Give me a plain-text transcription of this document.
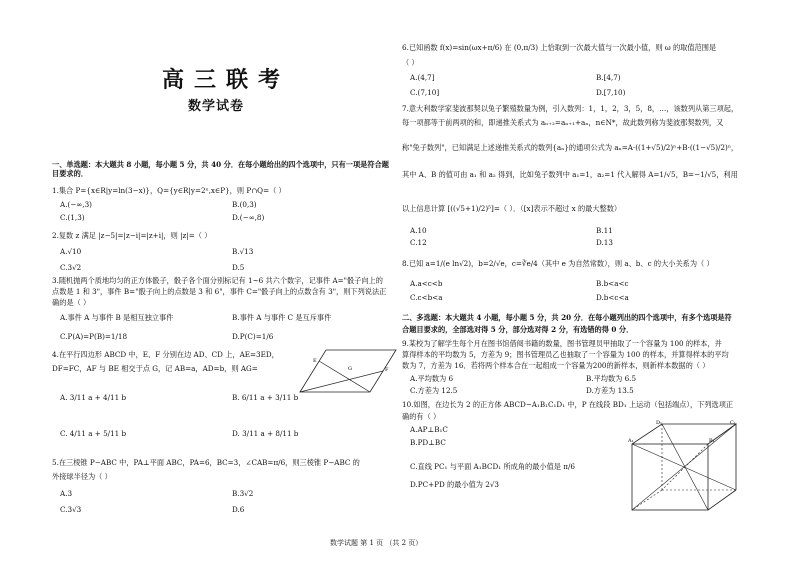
高三联考
数学试卷
一、单选题：本大题共 8 小题，每小题 5 分，共 40 分．在每小题给出的四个选项中，只有一项是符合题目要求的．
1.集合 P={x∈R|y=ln(3−x)}，Q={y∈R|y=2ˣ,x∈P}，则 P∩Q=（ ）
A.(−∞,3)	B.(0,3)
C.(1,3)	D.(−∞,8)
2.复数 z 满足 |z−5|=|z−i|=|z+i|，则 |z|=（ ）
A.√10	B.√13
C.3√2	D.5
3.随机抛两个质地均匀的正方体骰子，骰子各个面分别标记有 1~6 共六个数字，记事件 A="骰子向上的
点数是 1 和 3"，事件 B="骰子向上的点数是 3 和 6"，事件 C="骰子向上的点数含有 3"，则下列说法正
确的是（ ）
A.事件 A 与事件 B 是相互独立事件	B.事件 A 与事件 C 是互斥事件
C.P(A)=P(B)=1/18	D.P(C)=1/6
4.在平行四边形 ABCD 中，E、F 分别在边 AD、CD 上，AE=3ED，
DF=FC，AF 与 BE 相交于点 G，记 AB=a，AD=b，则 AG=
A. 3/11 a + 4/11 b	B. 6/11 a + 3/11 b
C. 4/11 a + 5/11 b	D. 3/11 a + 8/11 b
G	F
E
5.在三棱锥 P−ABC 中，PA⊥平面 ABC，PA=6，BC=3，∠CAB=π/6，则三棱锥 P−ABC 的
外接球半径为（ ）
A.3	B.3√2
C.3√3	D.6
6.已知函数 f(x)=sin(ωx+π/6) 在 (0,π/3) 上恰取到一次最大值与一次最小值，则 ω 的取值范围是
（ ）
A.(4,7]	B.[4,7)
C.(7,10]	D.[7,10)
7.意大利数学家斐波那契以兔子繁殖数量为例，引入数列：1，1，2，3，5，8，…，该数列从第三项起，
每一项都等于前两项的和，即递推关系式为 aₙ₊₂=aₙ₊₁+aₙ，n∈N*，故此数列称为斐波那契数列，又
称"兔子数列"，已知满足上述递推关系式的数列{aₙ}的通项公式为 aₙ=A·((1+√5)/2)ⁿ+B·((1−√5)/2)ⁿ，
其中 A、B 的值可由 a₁ 和 a₂ 得到，比如兔子数列中 a₁=1，a₂=1 代入解得 A=1/√5，B=−1/√5，利用
以上信息计算 [((√5+1)/2)⁵]=（ ）．（[x]表示不超过 x 的最大整数）
A.10	B.11
C.12	D.13
8.已知 a=1/(e ln√2)，b=2/√e，c=∛e/4（其中 e 为自然常数），则 a、b、c 的大小关系为（ ）
A.a<c<b	B.b<a<c
C.c<b<a	D.b<c<a
二、多选题：本大题共 4 小题，每小题 5 分，共 20 分．在每小题列出的四个选项中，有多个选项是符
合题目要求的，全部选对得 5 分，部分选对得 2 分，有选错的得 0 分．
9.某校为了解学生每个月在图书馆借阅书籍的数量，图书管理员甲抽取了一个容量为 100 的样本，并
算得样本的平均数为 5，方差为 9；图书管理员乙也抽取了一个容量为 100 的样本，并算得样本的平均
数为 7，方差为 16．若将两个样本合在一起组成一个容量为200的新样本，则新样本数据的（ ）
A.平均数为 6	B.平均数为 6.5
C.方差为 12.5	D.方差为 13.5
10.如图，在边长为 2 的正方体 ABCD−A₁B₁C₁D₁ 中，P 在线段 BD₁ 上运动（包括端点），下列选项正
确的有（ ）
A.AP⊥B₁C
B.PD⊥BC
C.直线 PC₁ 与平面 A₁BCD₁ 所成角的最小值是 π/6
D.PC+PD 的最小值为 2√3
A₁
D₁	C₁
B₁
数学试题 第 1 页 （共 2 页）
